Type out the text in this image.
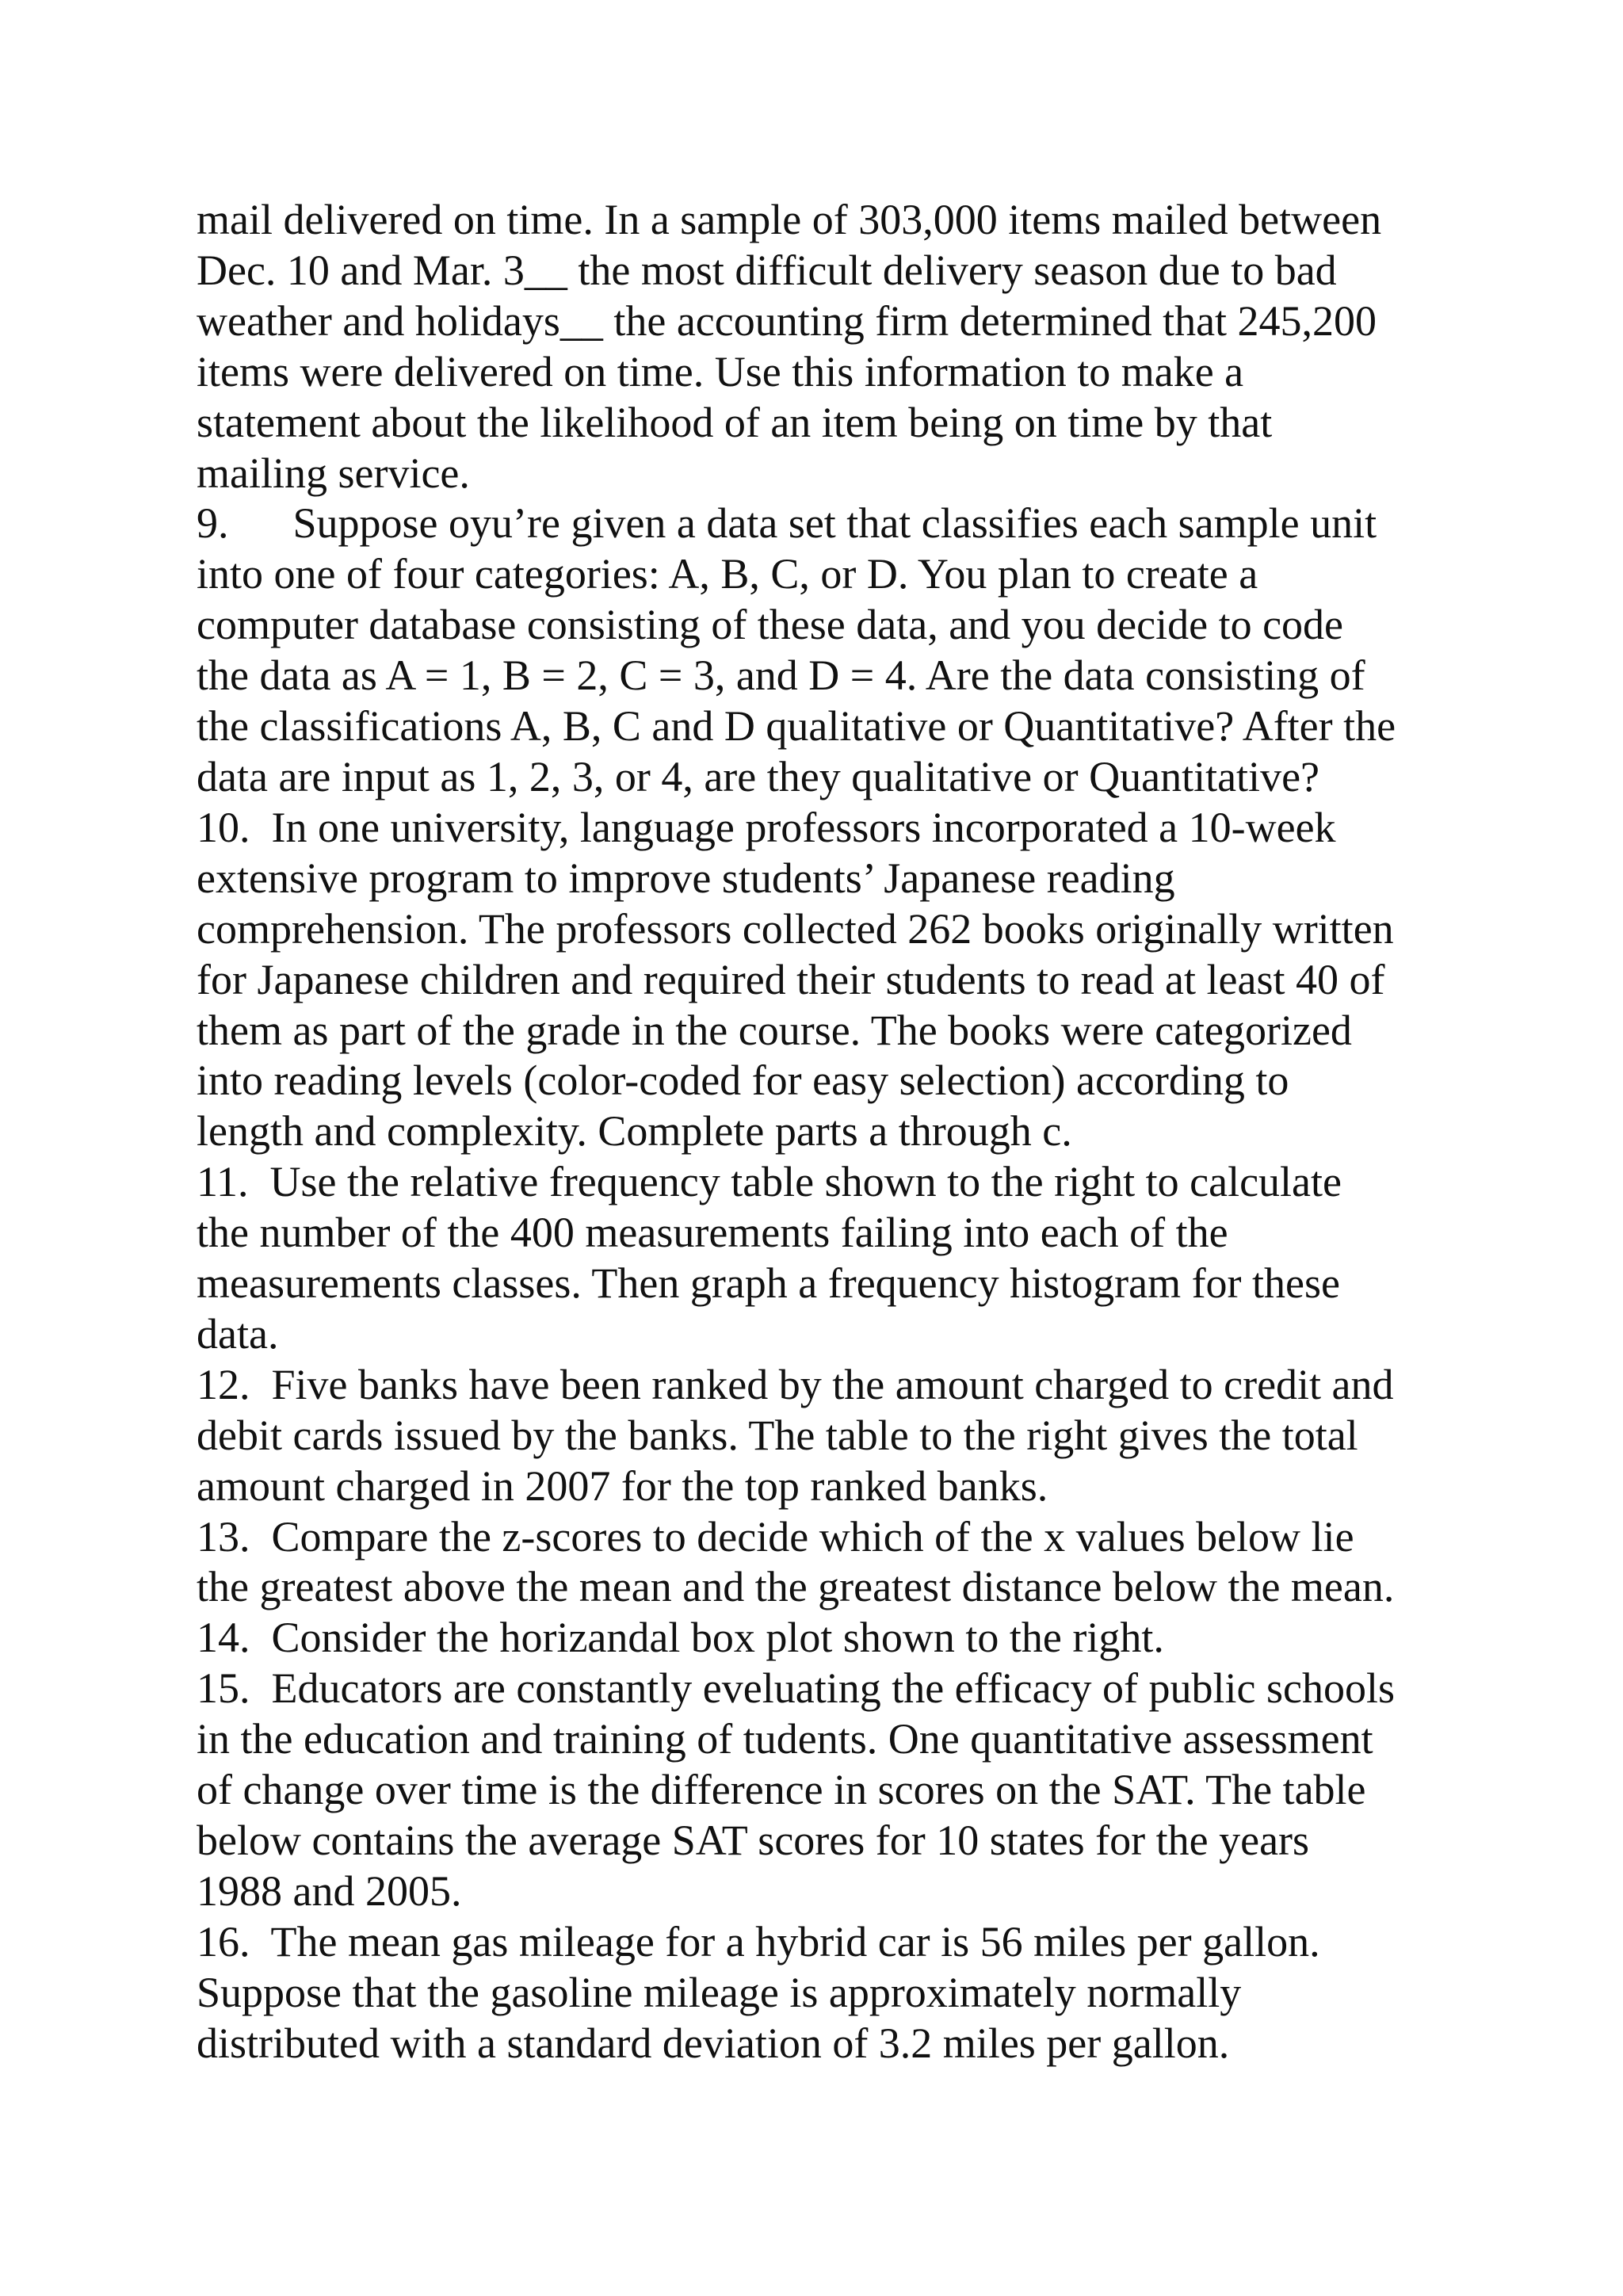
mail delivered on time. In a sample of 303,000 items mailed between
Dec. 10 and Mar. 3__ the most difficult delivery season due to bad
weather and holidays__ the accounting firm determined that 245,200
items were delivered on time. Use this information to make a
statement about the likelihood of an item being on time by that
mailing service.
9.      Suppose oyu’re given a data set that classifies each sample unit
into one of four categories: A, B, C, or D. You plan to create a
computer database consisting of these data, and you decide to code
the data as A = 1, B = 2, C = 3, and D = 4. Are the data consisting of
the classifications A, B, C and D qualitative or Quantitative? After the
data are input as 1, 2, 3, or 4, are they qualitative or Quantitative?
10.  In one university, language professors incorporated a 10-week
extensive program to improve students’ Japanese reading
comprehension. The professors collected 262 books originally written
for Japanese children and required their students to read at least 40 of
them as part of the grade in the course. The books were categorized
into reading levels (color-coded for easy selection) according to
length and complexity. Complete parts a through c.
11.  Use the relative frequency table shown to the right to calculate
the number of the 400 measurements failing into each of the
measurements classes. Then graph a frequency histogram for these
data.
12.  Five banks have been ranked by the amount charged to credit and
debit cards issued by the banks. The table to the right gives the total
amount charged in 2007 for the top ranked banks.
13.  Compare the z-scores to decide which of the x values below lie
the greatest above the mean and the greatest distance below the mean.
14.  Consider the horizandal box plot shown to the right.
15.  Educators are constantly eveluating the efficacy of public schools
in the education and training of tudents. One quantitative assessment
of change over time is the difference in scores on the SAT. The table
below contains the average SAT scores for 10 states for the years
1988 and 2005.
16.  The mean gas mileage for a hybrid car is 56 miles per gallon.
Suppose that the gasoline mileage is approximately normally
distributed with a standard deviation of 3.2 miles per gallon.
